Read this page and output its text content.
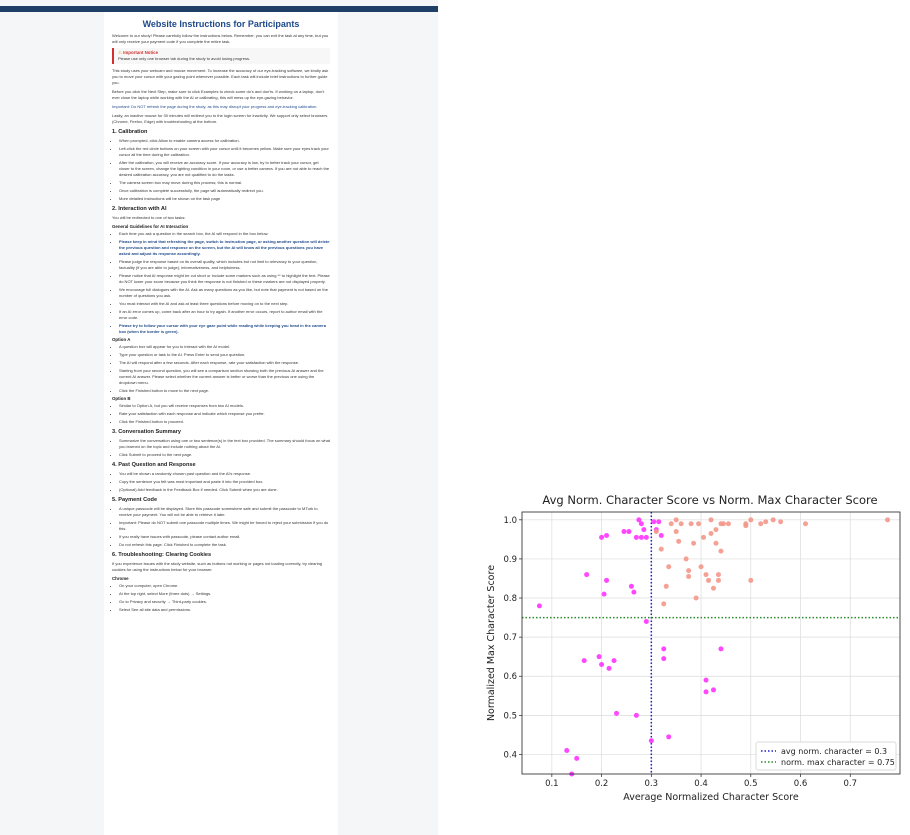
Website Instructions for Participants

Welcome to our study! Please carefully follow the instructions below. Remember, you can exit the task at any time, but you will only receive your payment code if you complete the entire task.

⚠ Important Notice
Please use only one browser tab during the study to avoid losing progress.

This study uses your webcam and mouse movement. To increase the accuracy of our eye-tracking software, we kindly ask you to move your cursor with your gazing point whenever possible. Each task will include brief instructions to further guide you.

Before you click the Next Step, make sure to click Examples to check some do's and don'ts. If working on a laptop, don't ever close the laptop while working with the AI or calibrating, this will mess up the eye-gazing behavior.

Important: Do NOT refresh the page during the study, as this may disrupt your progress and eye-tracking calibration.

Lastly, an inactive mouse for 30 minutes will redirect you to the login screen for inactivity. We support only select browsers (Chrome, Firefox, Edge) with troubleshooting at the bottom.

1. Calibration
• When prompted, click Allow to enable camera access for calibration.
• Left-click the red circle buttons on your screen with your cursor until it becomes yellow. Make sure your eyes track your cursor all the time during the calibration.
• After the calibration, you will receive an accuracy score. If your accuracy is low, try to better track your cursor, get closer to the screen, change the lighting condition in your room, or use a better camera. If you are not able to reach the desired calibration accuracy, you are not qualified to do the tasks.
• The camera screen box may move during this process; this is normal.
• Once calibration is complete successfully, the page will automatically redirect you.
• More detailed instructions will be shown on the task page
2. Interaction with AI

You will be redirected to one of two tasks:

General Guidelines for AI Interaction
• Each time you ask a question in the search box, the AI will respond in the box below.
• Please keep in mind that refreshing the page, switch to instruction page, or asking another question will delete the previous question and response on the screen, but the AI will know all the previous questions you have asked and adjust its response accordingly.
• Please judge the response based on its overall quality, which includes but not limit to relevancy to your question, factuality (if you are able to judge), informativeness, and helpfulness.
• Please notice that AI response might be cut short or include some markers such as using ** to highlight the text. Please do NOT lower your score because you think the response is not finished or these markers are not displayed properly.
• We encourage full dialogues with the AI. Ask as many questions as you like, but note that payment is not based on the number of questions you ask.
• You must interact with the AI and ask at least three questions before moving on to the next step.
• If an AI error comes up, come back after an hour to try again. If another error occurs, report to author email with the error code.
• Please try to follow your cursor with your eye gaze point while reading while keeping you head in the camera box (when the border is green).
Option A
• A question box will appear for you to interact with the AI model.
• Type your question or task to the AI. Press Enter to send your question.
• The AI will respond after a few seconds. After each response, rate your satisfaction with the response.
• Starting from your second question, you will see a comparison section showing both the previous AI answer and the current AI answer. Please select whether the current answer is better or worse than the previous one using the dropdown menu.
• Click the Finished button to move to the next page.
Option B
• Similar to Option A, but you will receive responses from two AI models.
• Rate your satisfaction with each response and indicate which response you prefer.
• Click the Finished button to proceed.
3. Conversation Summary
• Summarize the conversation using one or two sentence(s) in the text box provided. The summary should focus on what you learned on the topic and include nothing about the AI.
• Click Submit to proceed to the next page.
4. Past Question and Response
• You will be shown a randomly chosen past question and the AI's response.
• Copy the sentence you felt was most important and paste it into the provided box.
• (Optional) Add feedback in the Feedback Box if needed. Click Submit when you are done.
5. Payment Code
• A unique passcode will be displayed. Store this passcode somewhere safe and submit the passcode to MTurk to receive your payment. You will not be able to retrieve it later.
• Important: Please do NOT submit one passcode multiple times. We might be forced to reject your submission if you do this.
• If you really have issues with passcode, please contact author email.
• Do not refresh this page. Click Finished to complete the task.
6. Troubleshooting: Clearing Cookies

If you experience issues with the study website, such as buttons not working or pages not loading correctly, try clearing cookies for using the instructions below for your browser.

Chrome
• On your computer, open Chrome.
• At the top right, select More (three dots) → Settings.
• Go to Privacy and security → Third-party cookies.
• Select See all site data and permissions.
Avg Norm. Character Score vs Norm. Max Character Score
0.1	0.2	0.3	0.4	0.5	0.6	0.7
0.4
0.5
0.6
0.7
0.8
0.9
1.0
Average Normalized Character Score
Normalized Max Character Score
avg norm. character = 0.3
norm. max character = 0.75
